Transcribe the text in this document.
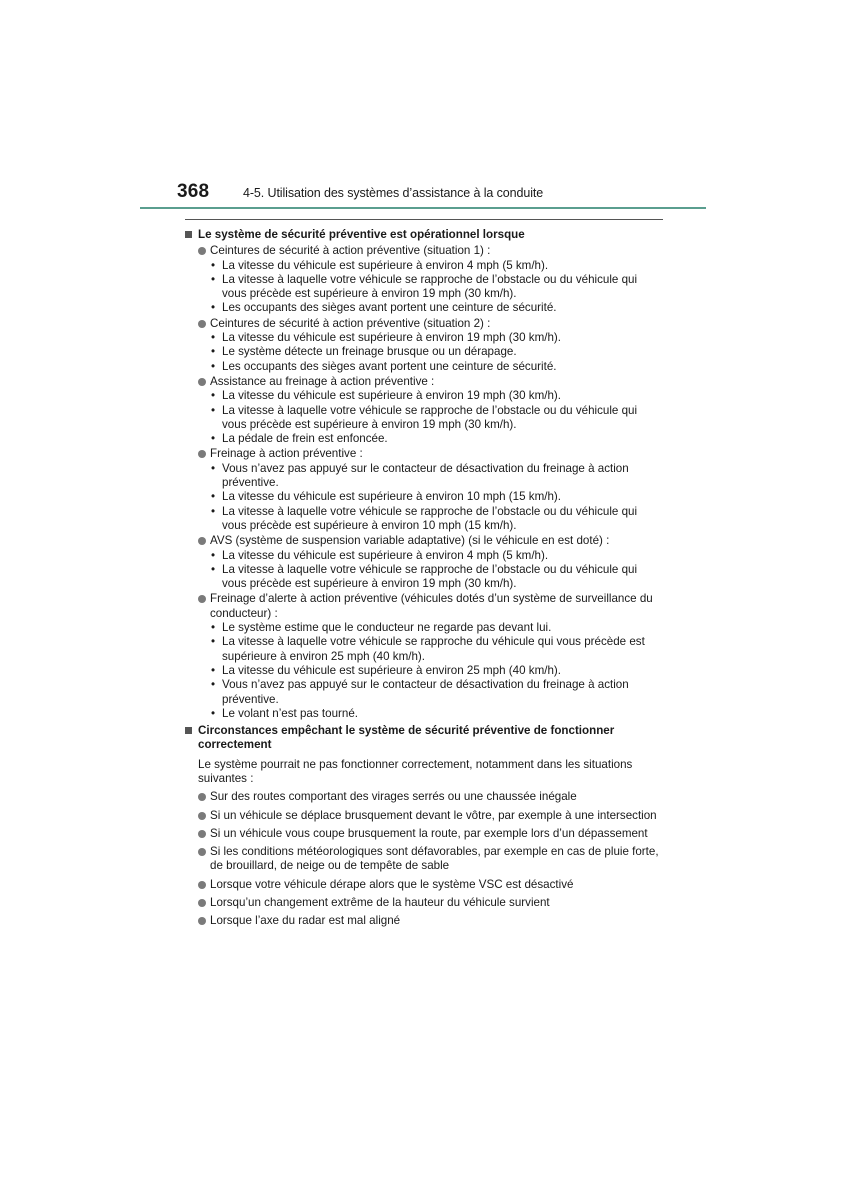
368	4-5. Utilisation des systèmes d’assistance à la conduite
Le système de sécurité préventive est opérationnel lorsque
Ceintures de sécurité à action préventive (situation 1) :
• La vitesse du véhicule est supérieure à environ 4 mph (5 km/h).
• La vitesse à laquelle votre véhicule se rapproche de l’obstacle ou du véhicule qui vous précède est supérieure à environ 19 mph (30 km/h).
• Les occupants des sièges avant portent une ceinture de sécurité.
Ceintures de sécurité à action préventive (situation 2) :
• La vitesse du véhicule est supérieure à environ 19 mph (30 km/h).
• Le système détecte un freinage brusque ou un dérapage.
• Les occupants des sièges avant portent une ceinture de sécurité.
Assistance au freinage à action préventive :
• La vitesse du véhicule est supérieure à environ 19 mph (30 km/h).
• La vitesse à laquelle votre véhicule se rapproche de l’obstacle ou du véhicule qui vous précède est supérieure à environ 19 mph (30 km/h).
• La pédale de frein est enfoncée.
Freinage à action préventive :
• Vous n’avez pas appuyé sur le contacteur de désactivation du freinage à action préventive.
• La vitesse du véhicule est supérieure à environ 10 mph (15 km/h).
• La vitesse à laquelle votre véhicule se rapproche de l’obstacle ou du véhicule qui vous précède est supérieure à environ 10 mph (15 km/h).
AVS (système de suspension variable adaptative) (si le véhicule en est doté) :
• La vitesse du véhicule est supérieure à environ 4 mph (5 km/h).
• La vitesse à laquelle votre véhicule se rapproche de l’obstacle ou du véhicule qui vous précède est supérieure à environ 19 mph (30 km/h).
Freinage d’alerte à action préventive (véhicules dotés d’un système de surveillance du conducteur) :
• Le système estime que le conducteur ne regarde pas devant lui.
• La vitesse à laquelle votre véhicule se rapproche du véhicule qui vous précède est supérieure à environ 25 mph (40 km/h).
• La vitesse du véhicule est supérieure à environ 25 mph (40 km/h).
• Vous n’avez pas appuyé sur le contacteur de désactivation du freinage à action préventive.
• Le volant n’est pas tourné.
Circonstances empêchant le système de sécurité préventive de fonctionner correctement
Le système pourrait ne pas fonctionner correctement, notamment dans les situations suivantes :
Sur des routes comportant des virages serrés ou une chaussée inégale
Si un véhicule se déplace brusquement devant le vôtre, par exemple à une intersection
Si un véhicule vous coupe brusquement la route, par exemple lors d’un dépassement
Si les conditions météorologiques sont défavorables, par exemple en cas de pluie forte, de brouillard, de neige ou de tempête de sable
Lorsque votre véhicule dérape alors que le système VSC est désactivé
Lorsqu’un changement extrême de la hauteur du véhicule survient
Lorsque l’axe du radar est mal aligné
